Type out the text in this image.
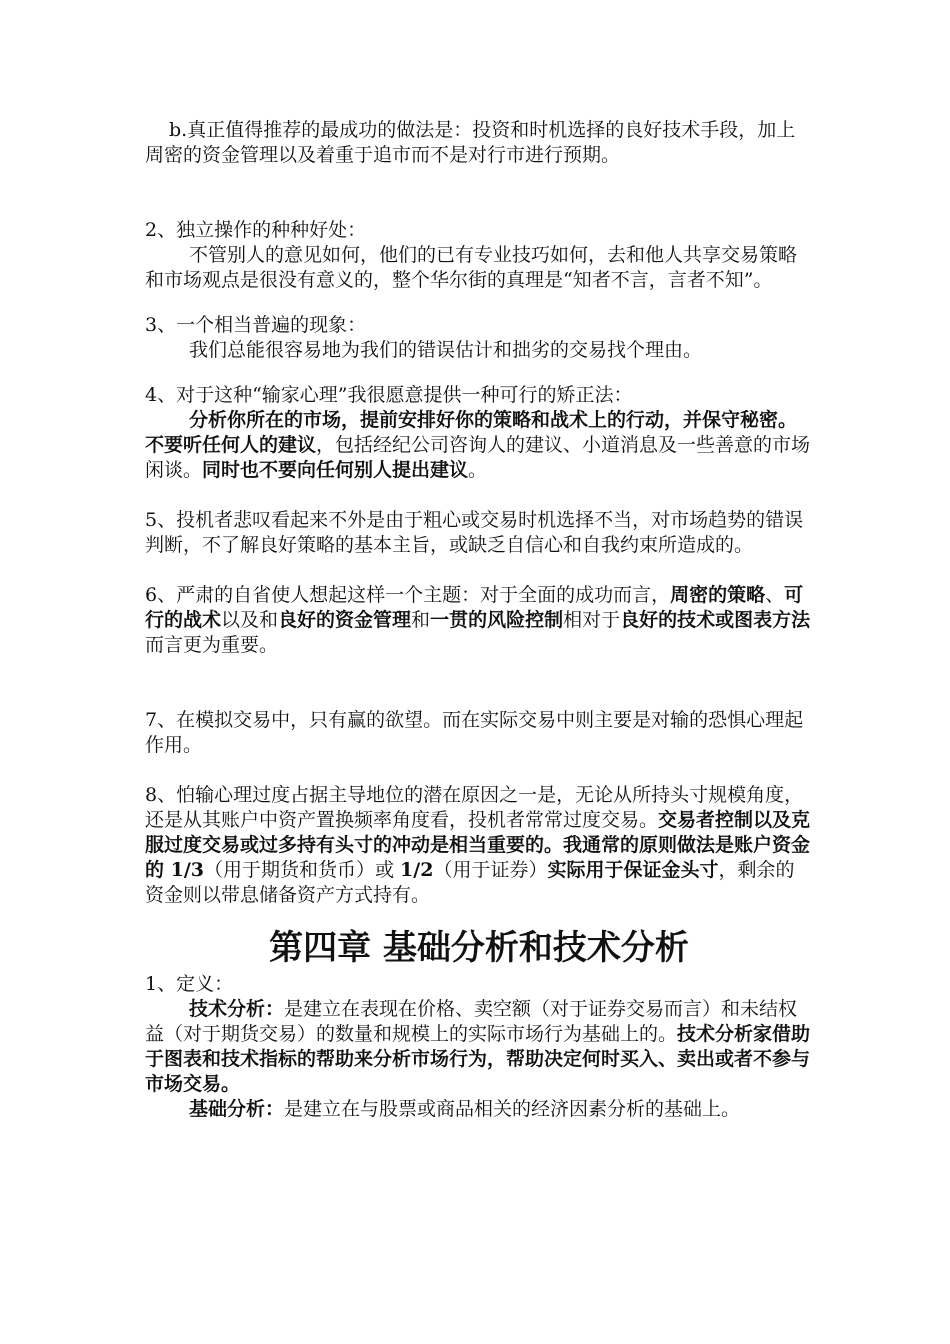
b.真正值得推荐的最成功的做法是：投资和时机选择的良好技术手段，加上周密的资金管理以及着重于追市而不是对行市进行预期。

2、独立操作的种种好处：

不管别人的意见如何，他们的已有专业技巧如何，去和他人共享交易策略和市场观点是很没有意义的，整个华尔街的真理是“知者不言，言者不知”。

3、一个相当普遍的现象：

我们总能很容易地为我们的错误估计和拙劣的交易找个理由。

4、对于这种“输家心理”我很愿意提供一种可行的矫正法：

分析你所在的市场，提前安排好你的策略和战术上的行动，并保守秘密。不要听任何人的建议，包括经纪公司咨询人的建议、小道消息及一些善意的市场闲谈。同时也不要向任何别人提出建议。

5、投机者悲叹看起来不外是由于粗心或交易时机选择不当，对市场趋势的错误判断，不了解良好策略的基本主旨，或缺乏自信心和自我约束所造成的。

6、严肃的自省使人想起这样一个主题：对于全面的成功而言，周密的策略、可行的战术以及和良好的资金管理和一贯的风险控制相对于良好的技术或图表方法而言更为重要。

7、在模拟交易中，只有赢的欲望。而在实际交易中则主要是对输的恐惧心理起作用。

8、怕输心理过度占据主导地位的潜在原因之一是，无论从所持头寸规模角度，还是从其账户中资产置换频率角度看，投机者常常过度交易。交易者控制以及克服过度交易或过多持有头寸的冲动是相当重要的。我通常的原则做法是账户资金的 1/3（用于期货和货币）或 1/2（用于证券）实际用于保证金头寸，剩余的资金则以带息储备资产方式持有。

第四章 基础分析和技术分析

1、定义：

技术分析：是建立在表现在价格、卖空额（对于证券交易而言）和未结权益（对于期货交易）的数量和规模上的实际市场行为基础上的。技术分析家借助于图表和技术指标的帮助来分析市场行为，帮助决定何时买入、卖出或者不参与市场交易。

基础分析：是建立在与股票或商品相关的经济因素分析的基础上。
